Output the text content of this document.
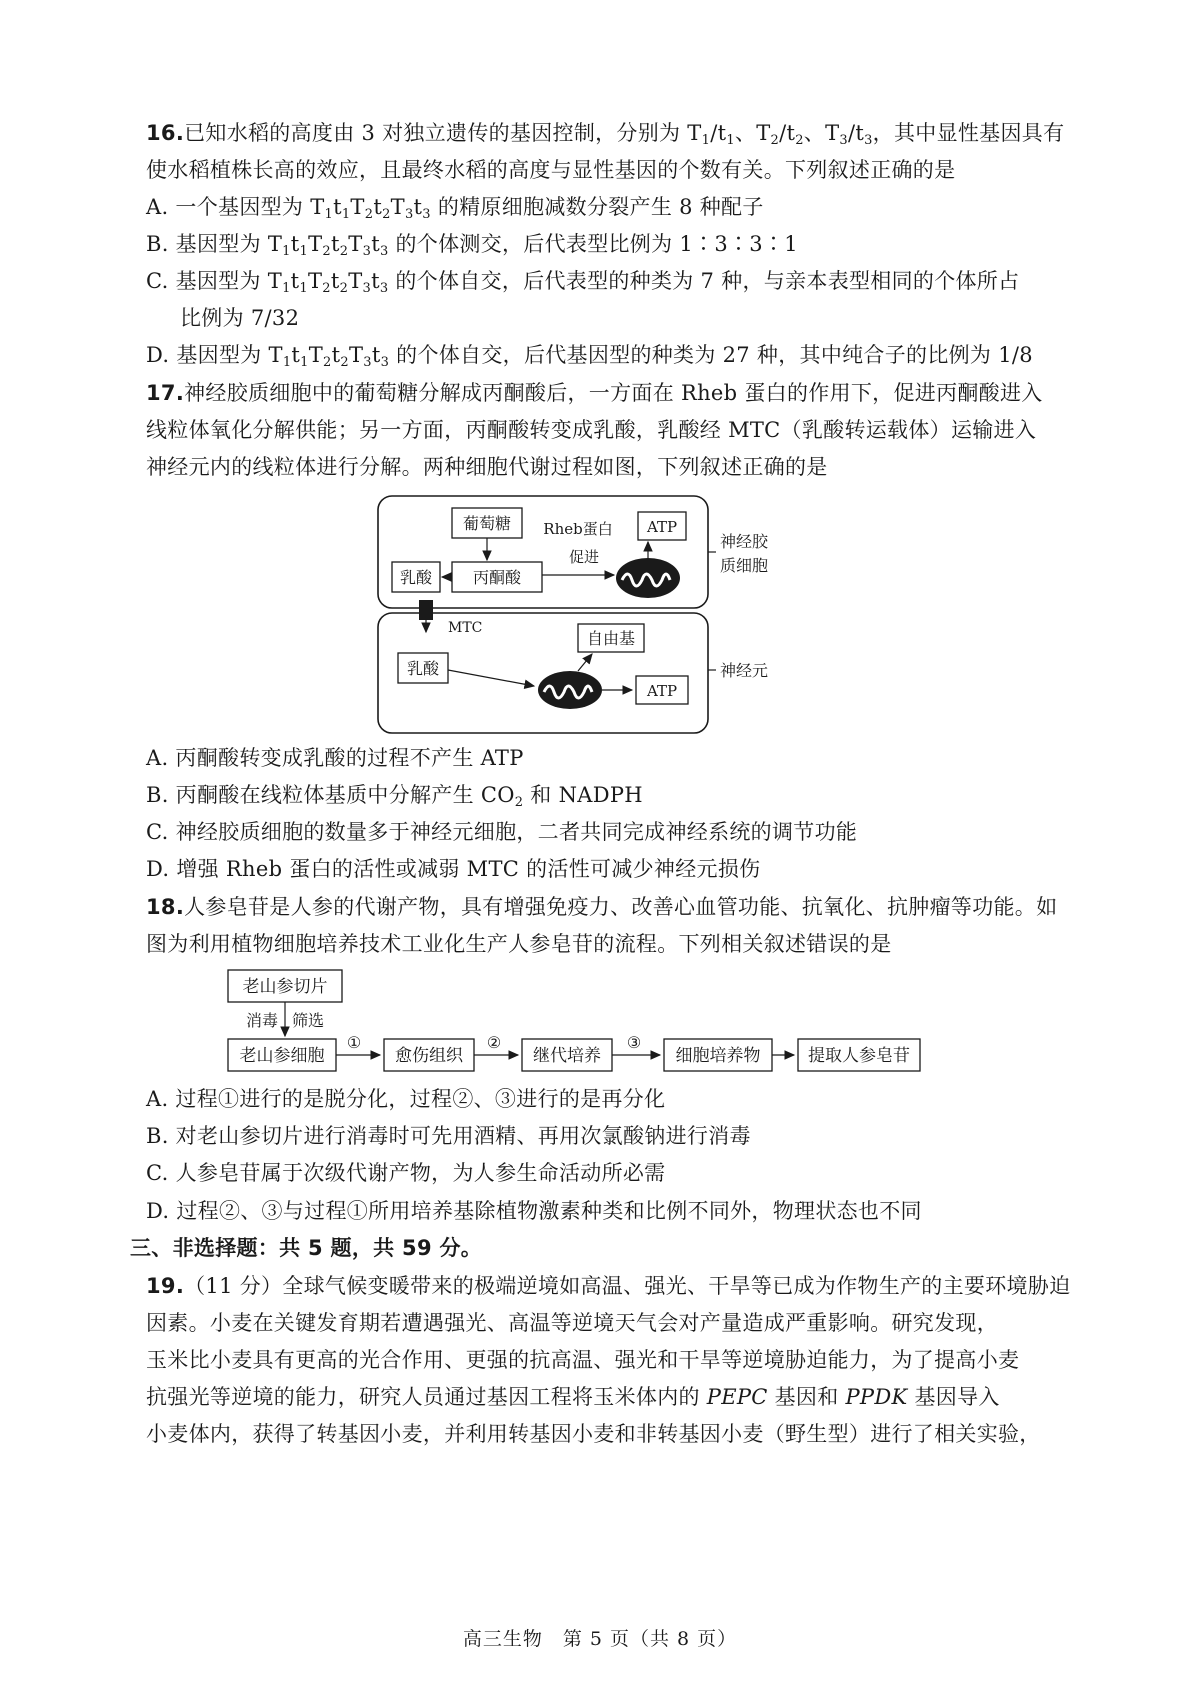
16.已知水稻的高度由 3 对独立遗传的基因控制，分别为 $T_1/t_1$、$T_2/t_2$、$T_3/t_3$，其中显性基因具有
使水稻植株长高的效应，且最终水稻的高度与显性基因的个数有关。下列叙述正确的是
A. 一个基因型为 $T_1t_1T_2t_2T_3t_3$ 的精原细胞减数分裂产生 8 种配子
B. 基因型为 $T_1t_1T_2t_2T_3t_3$ 的个体测交，后代表型比例为 1∶3∶3∶1
C. 基因型为 $T_1t_1T_2t_2T_3t_3$ 的个体自交，后代表型的种类为 7 种，与亲本表型相同的个体所占
比例为 7/32
D. 基因型为 $T_1t_1T_2t_2T_3t_3$ 的个体自交，后代基因型的种类为 27 种，其中纯合子的比例为 1/8
17.神经胶质细胞中的葡萄糖分解成丙酮酸后，一方面在 Rheb 蛋白的作用下，促进丙酮酸进入
线粒体氧化分解供能；另一方面，丙酮酸转变成乳酸，乳酸经 MTC（乳酸转运载体）运输进入
神经元内的线粒体进行分解。两种细胞代谢过程如图，下列叙述正确的是
葡萄糖
丙酮酸
乳酸
Rheb蛋白
促进
ATP
神经胶
质细胞
MTC
自由基
乳酸
ATP
神经元
A. 丙酮酸转变成乳酸的过程不产生 ATP
B. 丙酮酸在线粒体基质中分解产生 $CO_2$ 和 NADPH
C. 神经胶质细胞的数量多于神经元细胞，二者共同完成神经系统的调节功能
D. 增强 Rheb 蛋白的活性或减弱 MTC 的活性可减少神经元损伤
18.人参皂苷是人参的代谢产物，具有增强免疫力、改善心血管功能、抗氧化、抗肿瘤等功能。如
图为利用植物细胞培养技术工业化生产人参皂苷的流程。下列相关叙述错误的是
老山参切片
消毒 筛选
老山参细胞
①
愈伤组织
②
继代培养
③
细胞培养物	提取人参皂苷
A. 过程①进行的是脱分化，过程②、③进行的是再分化
B. 对老山参切片进行消毒时可先用酒精、再用次氯酸钠进行消毒
C. 人参皂苷属于次级代谢产物，为人参生命活动所必需
D. 过程②、③与过程①所用培养基除植物激素种类和比例不同外，物理状态也不同
三、非选择题：共 5 题，共 59 分。
19.（11 分）全球气候变暖带来的极端逆境如高温、强光、干旱等已成为作物生产的主要环境胁迫
因素。小麦在关键发育期若遭遇强光、高温等逆境天气会对产量造成严重影响。研究发现，
玉米比小麦具有更高的光合作用、更强的抗高温、强光和干旱等逆境胁迫能力，为了提高小麦
抗强光等逆境的能力，研究人员通过基因工程将玉米体内的 PEPC 基因和 PPDK 基因导入
小麦体内，获得了转基因小麦，并利用转基因小麦和非转基因小麦（野生型）进行了相关实验，
高三生物　第 5 页（共 8 页）
